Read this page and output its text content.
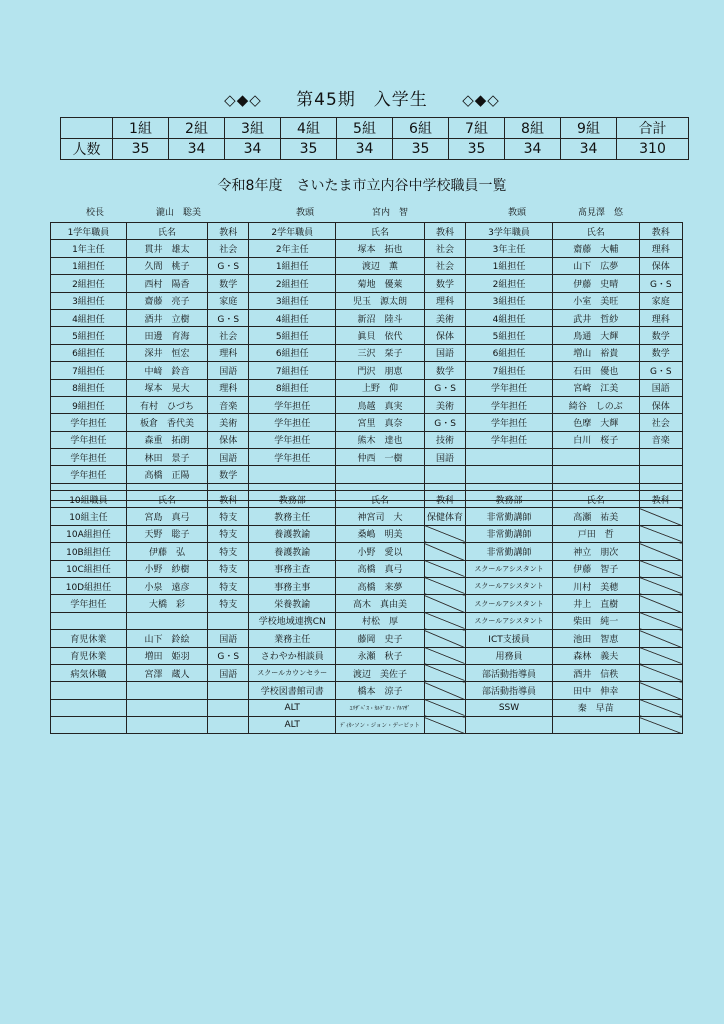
◇◆◇ 第45期　入学生 ◇◆◇
	1組	2組	3組	4組	5組	6組	7組	8組	9組	合計
人数	35	34	34	35	34	35	35	34	34	310
令和8年度　さいたま市立内谷中学校職員一覧
校長	瀧山　聡美	教頭	宮内　智	教頭	髙見澤　悠
1学年職員	氏名	教科	2学年職員	氏名	教科	3学年職員	氏名	教科
1年主任	貫井　雄太	社会	2年主任	塚本　拓也	社会	3年主任	齋藤　大輔	理科
1組担任	久間　桃子	G・S	1組担任	渡辺　薫	社会	1組担任	山下　広夢	保体
2組担任	西村　陽香	数学	2組担任	菊地　優萊	数学	2組担任	伊藤　史晴	G・S
3組担任	齋藤　亮子	家庭	3組担任	児玉　源太朗	理科	3組担任	小室　美旺	家庭
4組担任	酒井　立樹	G・S	4組担任	新沼　陸斗	美術	4組担任	武井　哲紗	理科
5組担任	田邊　育海	社会	5組担任	眞貝　依代	保体	5組担任	鳥通　大輝	数学
6組担任	深井　恒宏	理科	6組担任	三沢　栞子	国語	6組担任	増山　裕貴	数学
7組担任	中﨑　鈴音	国語	7組担任	門沢　朋恵	数学	7組担任	石田　優也	G・S
8組担任	塚本　晃大	理科	8組担任	上野　仰	G・S	学年担任	宮崎　江美	国語
9組担任	有村　ひづち	音楽	学年担任	鳥越　真実	美術	学年担任	綺谷　しのぶ	保体
学年担任	板倉　香代美	美術	学年担任	宮里　真奈	G・S	学年担任	色摩　大輝	社会
学年担任	森重　拓朗	保体	学年担任	熊木　達也	技術	学年担任	白川　桜子	音楽
学年担任	林田　景子	国語	学年担任	仲西　一樹	国語			
学年担任	高橋　正陽	数学						

10組職員	氏名	教科	教務部	氏名	教科	教務部	氏名	教科
10組主任	宮島　真弓	特支	教務主任	神宮司　大	保健体育	非常勤講師	高瀬　祐美	
10A組担任	天野　聡子	特支	養護教諭	桑嶋　明美		非常勤講師	戸田　哲	
10B組担任	伊藤　弘	特支	養護教諭	小野　愛以		非常勤講師	神立　朋次	
10C組担任	小野　紗樹	特支	事務主査	高橋　真弓		スクールアシスタント	伊藤　智子	
10D組担任	小泉　遠彦	特支	事務主事	高橋　来夢		スクールアシスタント	川村　美穂	
学年担任	大橋　彩	特支	栄養教諭	高木　真由美		スクールアシスタント	井上　直樹	
			学校地域連携CN	村松　厚		スクールアシスタント	柴田　純一	
育児休業	山下　鈴絵	国語	業務主任	藤岡　史子		ICT支援員	池田　智恵	
育児休業	増田　姫羽	G・S	さわやか相談員	永瀬　秋子		用務員	森林　義夫	
病気休職	宮澤　蔵人	国語	スクールカウンセラー	渡辺　美佐子		部活動指導員	酒井　信秩	
			学校図書館司書	橋本　涼子		部活動指導員	田中　伸幸	
			ALT	ｴﾘｻﾞﾍﾞｽ・ｶﾙﾃﾞﾛﾝ・ｱﾙﾏｻﾞ		SSW	秦　早苗	
			ALT	ﾃﾞｨｶｰソン・ジョン・デービット				
